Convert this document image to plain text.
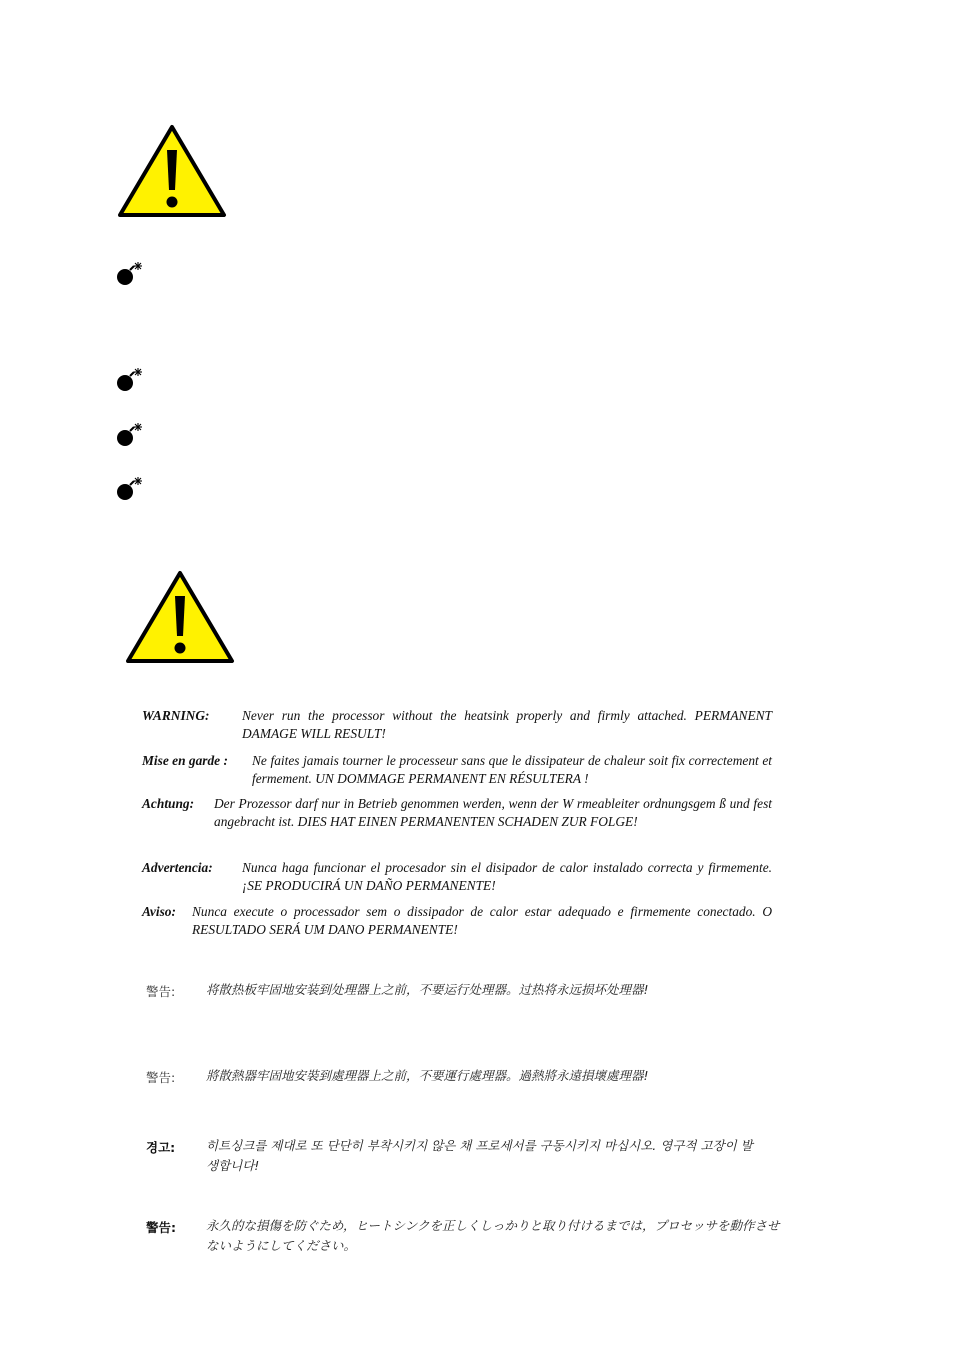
WARNING: Never run the processor without the heatsink properly and firmly attached. PERMANENT DAMAGE WILL RESULT!
Mise en garde : Ne faites jamais tourner le processeur sans que le dissipateur de chaleur soit fix correctement et fermement. UN DOMMAGE PERMANENT EN RÉSULTERA !
Achtung: Der Prozessor darf nur in Betrieb genommen werden, wenn der W rmeableiter ordnungsgem ß und fest angebracht ist. DIES HAT EINEN PERMANENTEN SCHADEN ZUR FOLGE!
Advertencia: Nunca haga funcionar el procesador sin el disipador de calor instalado correcta y firmemente. ¡SE PRODUCIRÁ UN DAÑO PERMANENTE!
Aviso: Nunca execute o processador sem o dissipador de calor estar adequado e firmemente conectado. O RESULTADO SERÁ UM DANO PERMANENTE!
警告: 将散热板牢固地安装到处理器上之前，不要运行处理器。过热将永远损坏处理器!
警告: 將散熱器牢固地安裝到處理器上之前，不要運行處理器。過熱將永遠損壞處理器!
경고: 히트싱크를 제대로 또 단단히 부착시키지 않은 채 프로세서를 구동시키지 마십시오. 영구적 고장이 발생합니다!
警告: 永久的な損傷を防ぐため，ヒートシンクを正しくしっかりと取り付けるまでは，プロセッサを動作させないようにしてください。
